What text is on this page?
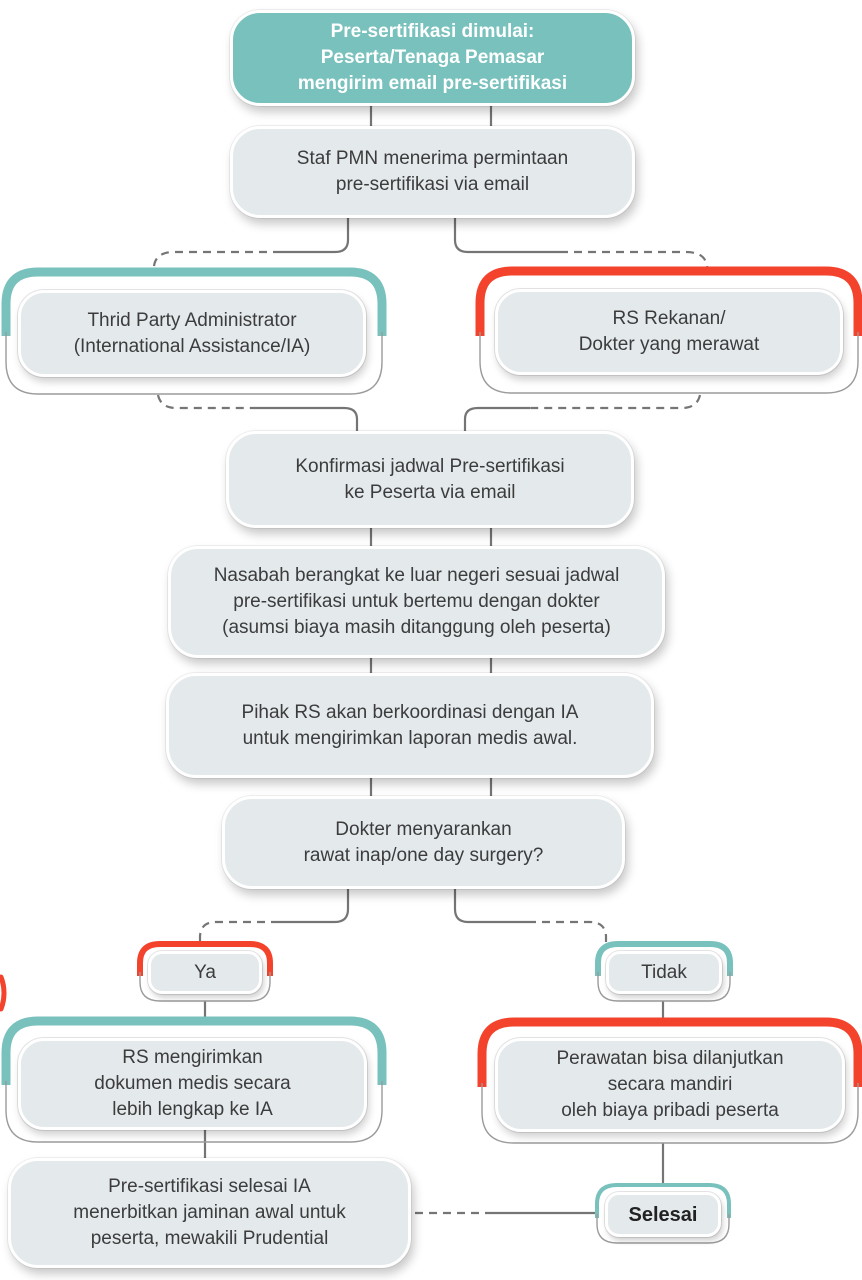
Pre-sertifikasi dimulai:
Peserta/Tenaga Pemasar
mengirim email pre-sertifikasi
Staf PMN menerima permintaan
pre-sertifikasi via email
Thrid Party Administrator
(International Assistance/IA)
RS Rekanan/
Dokter yang merawat
Konfirmasi jadwal Pre-sertifikasi
ke Peserta via email
Nasabah berangkat ke luar negeri sesuai jadwal
pre-sertifikasi untuk bertemu dengan dokter
(asumsi biaya masih ditanggung oleh peserta)
Pihak RS akan berkoordinasi dengan IA
untuk mengirimkan laporan medis awal.
Dokter menyarankan
rawat inap/one day surgery?
Ya	Tidak
RS mengirimkan
dokumen medis secara
lebih lengkap ke IA
Perawatan bisa dilanjutkan
secara mandiri
oleh biaya pribadi peserta
Pre-sertifikasi selesai IA
menerbitkan jaminan awal untuk
peserta, mewakili Prudential
Selesai
